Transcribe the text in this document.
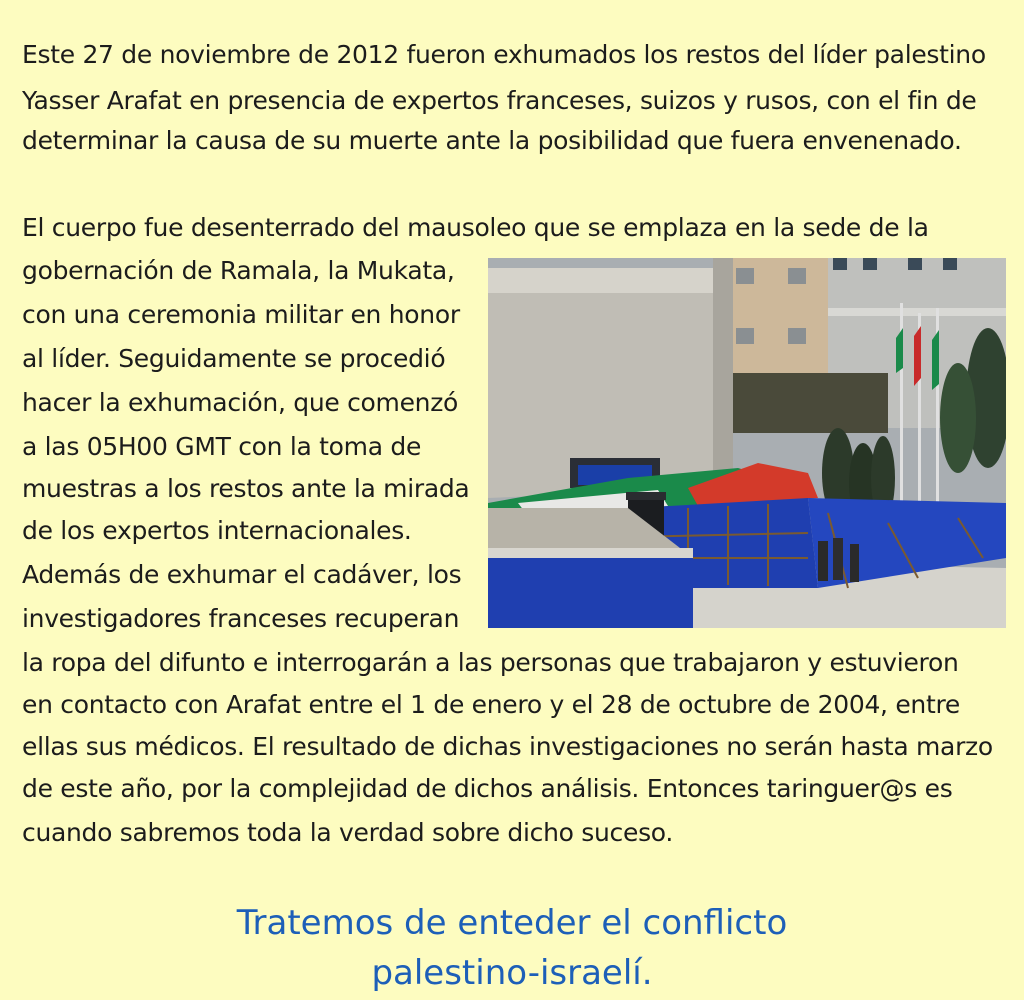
Este 27 de noviembre de 2012 fueron exhumados los restos del líder palestino
Yasser Arafat en presencia de expertos franceses, suizos y rusos, con el fin de
determinar la causa de su muerte ante la posibilidad que fuera envenenado.
El cuerpo fue desenterrado del mausoleo que se emplaza en la sede de la
gobernación de Ramala, la Mukata,
con una ceremonia militar en honor
al líder. Seguidamente se procedió
hacer la exhumación, que comenzó
a las 05H00 GMT con la toma de
muestras a los restos ante la mirada
de los expertos internacionales.
Además de exhumar el cadáver, los
investigadores franceses recuperan
la ropa del difunto e interrogarán a las personas que trabajaron y estuvieron
en contacto con Arafat entre el 1 de enero y el 28 de octubre de 2004, entre
ellas sus médicos. El resultado de dichas investigaciones no serán hasta marzo
de este año, por la complejidad de dichos análisis. Entonces taringuer@s es
cuando sabremos toda la verdad sobre dicho suceso.
Tratemos de enteder el conflicto
palestino-israelí.
